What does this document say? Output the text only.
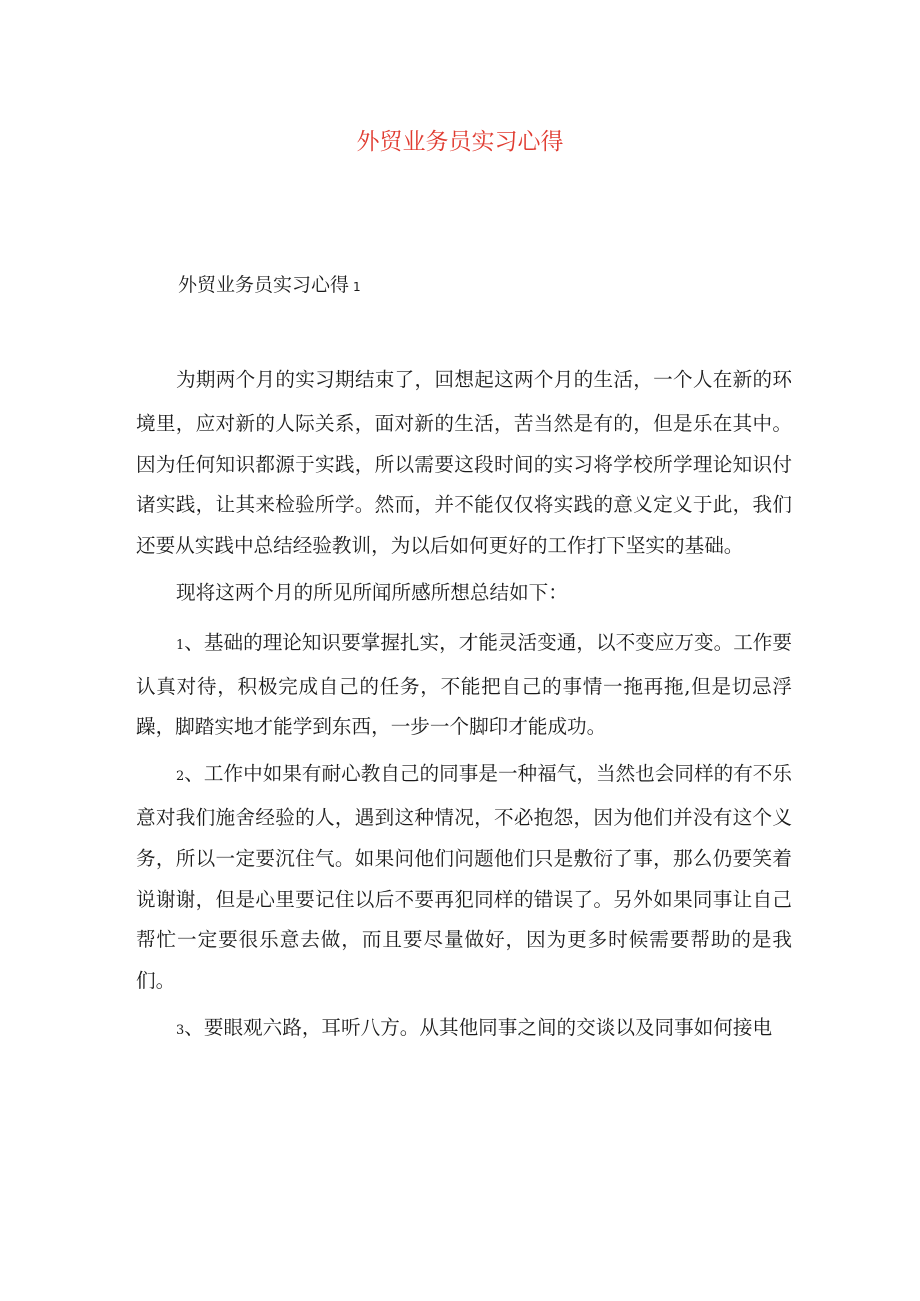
外贸业务员实习心得
外贸业务员实习心得 1

为期两个月的实习期结束了，回想起这两个月的生活，一个人在新的环境里，应对新的人际关系，面对新的生活，苦当然是有的，但是乐在其中。因为任何知识都源于实践，所以需要这段时间的实习将学校所学理论知识付诸实践，让其来检验所学。然而，并不能仅仅将实践的意义定义于此，我们还要从实践中总结经验教训，为以后如何更好的工作打下坚实的基础。

现将这两个月的所见所闻所感所想总结如下：

1、基础的理论知识要掌握扎实，才能灵活变通，以不变应万变。工作要认真对待，积极完成自己的任务，不能把自己的事情一拖再拖,但是切忌浮躁，脚踏实地才能学到东西，一步一个脚印才能成功。

2、工作中如果有耐心教自己的同事是一种福气，当然也会同样的有不乐意对我们施舍经验的人，遇到这种情况，不必抱怨，因为他们并没有这个义务，所以一定要沉住气。如果问他们问题他们只是敷衍了事，那么仍要笑着说谢谢，但是心里要记住以后不要再犯同样的错误了。另外如果同事让自己帮忙一定要很乐意去做，而且要尽量做好，因为更多时候需要帮助的是我们。

3、要眼观六路，耳听八方。从其他同事之间的交谈以及同事如何接电
